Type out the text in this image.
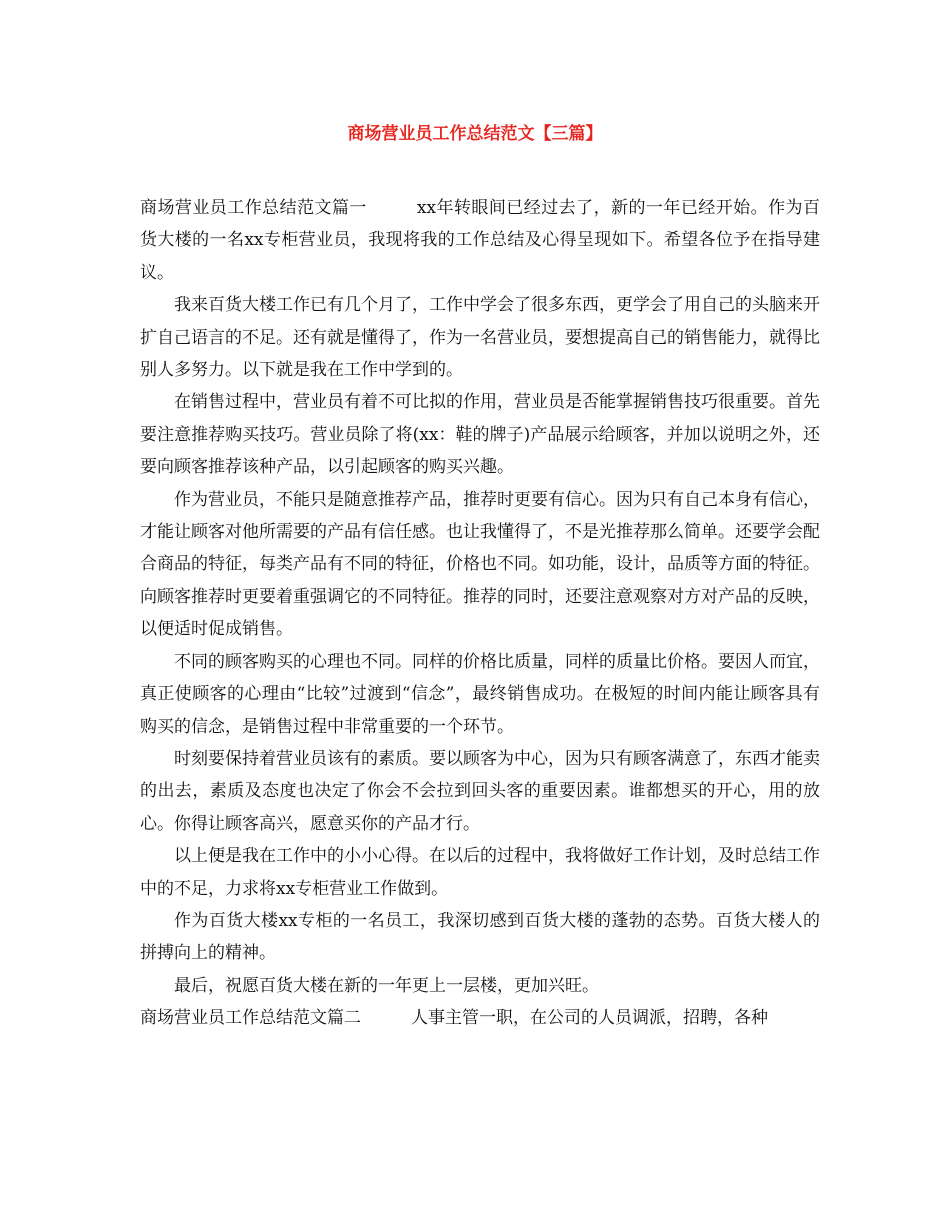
商场营业员工作总结范文【三篇】

商场营业员工作总结范文篇一	xx年转眼间已经过去了，新的一年已经开始。作为百货大楼的一名xx专柜营业员，我现将我的工作总结及心得呈现如下。希望各位予在指导建议。

我来百货大楼工作已有几个月了，工作中学会了很多东西，更学会了用自己的头脑来开扩自己语言的不足。还有就是懂得了，作为一名营业员，要想提高自己的销售能力，就得比别人多努力。以下就是我在工作中学到的。

在销售过程中，营业员有着不可比拟的作用，营业员是否能掌握销售技巧很重要。首先要注意推荐购买技巧。营业员除了将(xx：鞋的牌子)产品展示给顾客，并加以说明之外，还要向顾客推荐该种产品，以引起顾客的购买兴趣。

作为营业员，不能只是随意推荐产品，推荐时更要有信心。因为只有自己本身有信心，才能让顾客对他所需要的产品有信任感。也让我懂得了，不是光推荐那么简单。还要学会配合商品的特征，每类产品有不同的特征，价格也不同。如功能，设计，品质等方面的特征。向顾客推荐时更要着重强调它的不同特征。推荐的同时，还要注意观察对方对产品的反映，以便适时促成销售。

不同的顾客购买的心理也不同。同样的价格比质量，同样的质量比价格。要因人而宜，真正使顾客的心理由“比较”过渡到“信念”，最终销售成功。在极短的时间内能让顾客具有购买的信念，是销售过程中非常重要的一个环节。

时刻要保持着营业员该有的素质。要以顾客为中心，因为只有顾客满意了，东西才能卖的出去，素质及态度也决定了你会不会拉到回头客的重要因素。谁都想买的开心，用的放心。你得让顾客高兴，愿意买你的产品才行。

以上便是我在工作中的小小心得。在以后的过程中，我将做好工作计划，及时总结工作中的不足，力求将xx专柜营业工作做到。

作为百货大楼xx专柜的一名员工，我深切感到百货大楼的蓬勃的态势。百货大楼人的拼搏向上的精神。

最后，祝愿百货大楼在新的一年更上一层楼，更加兴旺。

商场营业员工作总结范文篇二	人事主管一职，在公司的人员调派，招聘，各种
